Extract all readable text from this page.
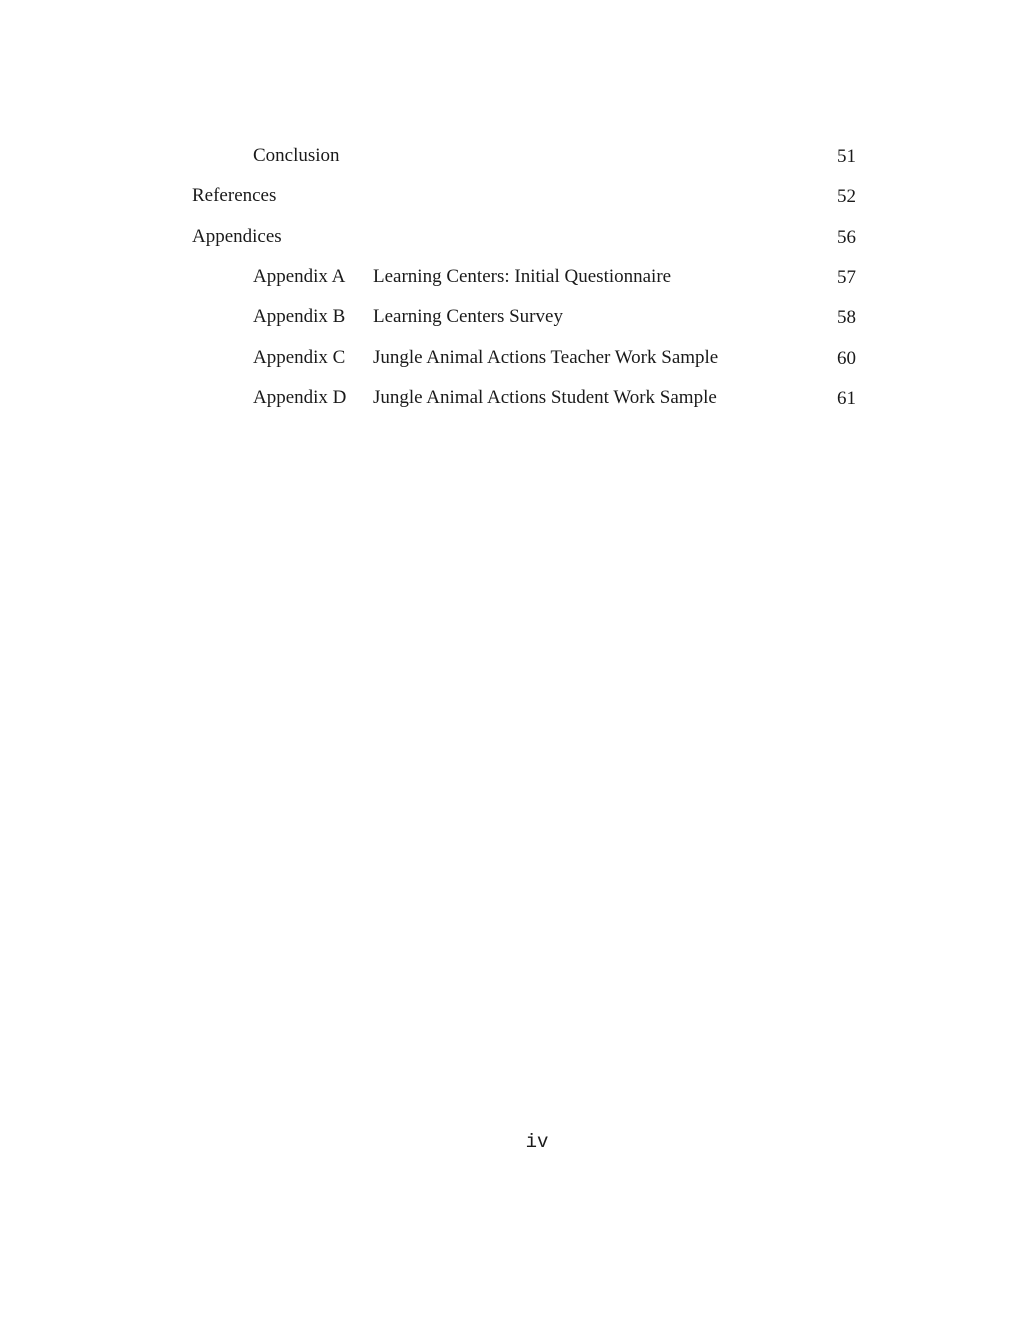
Conclusion	51
References	52
Appendices	56
Appendix A Learning Centers: Initial Questionnaire	57
Appendix B Learning Centers Survey	58
Appendix C Jungle Animal Actions Teacher Work Sample	60
Appendix D Jungle Animal Actions Student Work Sample	61
iv
